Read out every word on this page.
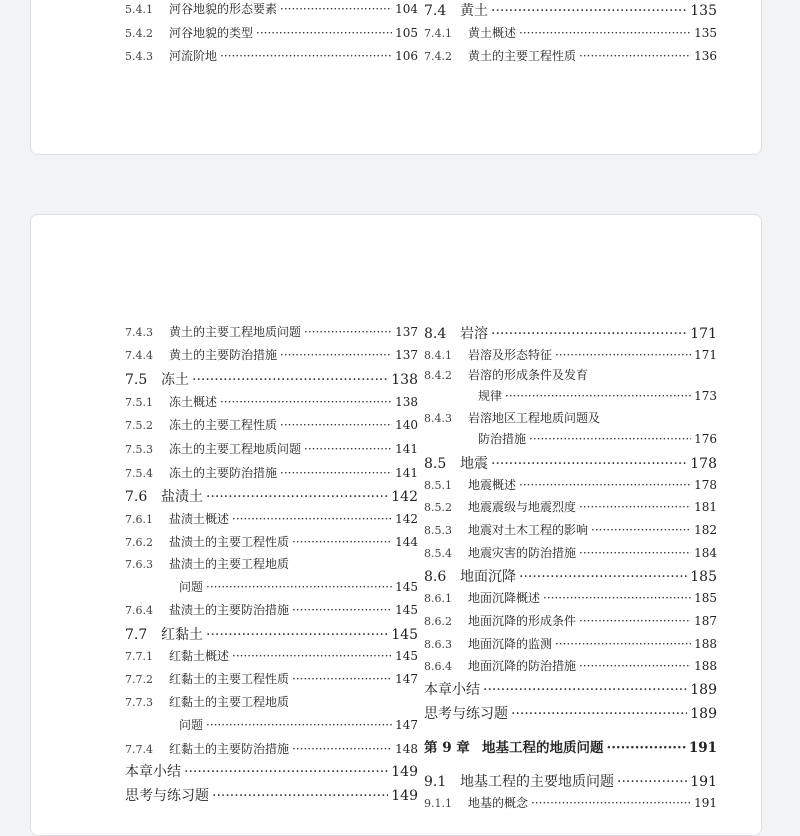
5.4.1	河谷地貌的形态要素 ·····	104
5.4.2	河谷地貌的类型 ·····	105
5.4.3	河流阶地 ·····	106
7.4 黄土 ·····	135
7.4.1	黄土概述 ·····	135
7.4.2	黄土的主要工程性质 ·····	136
7.4.3	黄土的主要工程地质问题 ·····	137
7.4.4	黄土的主要防治措施 ·····	137
7.5 冻土 ·····	138
7.5.1	冻土概述 ·····	138
7.5.2	冻土的主要工程性质 ·····	140
7.5.3	冻土的主要工程地质问题 ·····	141
7.5.4	冻土的主要防治措施 ·····	141
7.6 盐渍土 ·····	142
7.6.1	盐渍土概述 ·····	142
7.6.2	盐渍土的主要工程性质 ·····	144
7.6.3	盐渍土的主要工程地质
问题 ·····	145
7.6.4	盐渍土的主要防治措施 ·····	145
7.7 红黏土 ·····	145
7.7.1	红黏土概述 ·····	145
7.7.2	红黏土的主要工程性质 ·····	147
7.7.3	红黏土的主要工程地质
问题 ·····	147
7.7.4	红黏土的主要防治措施 ·····	148
本章小结 ·····	149
思考与练习题 ·····	149
8.4 岩溶 ·····	171
8.4.1	岩溶及形态特征 ·····	171
8.4.2	岩溶的形成条件及发育
规律 ·····	173
8.4.3	岩溶地区工程地质问题及
防治措施 ·····	176
8.5 地震 ·····	178
8.5.1	地震概述 ·····	178
8.5.2	地震震级与地震烈度 ·····	181
8.5.3	地震对土木工程的影响 ·····	182
8.5.4	地震灾害的防治措施 ·····	184
8.6 地面沉降 ·····	185
8.6.1	地面沉降概述 ·····	185
8.6.2	地面沉降的形成条件 ·····	187
8.6.3	地面沉降的监测 ·····	188
8.6.4	地面沉降的防治措施 ·····	188
本章小结 ·····	189
思考与练习题 ·····	189
第 9 章 地基工程的地质问题 ·····	191
9.1 地基工程的主要地质问题 ·····	191
9.1.1	地基的概念 ·····	191
